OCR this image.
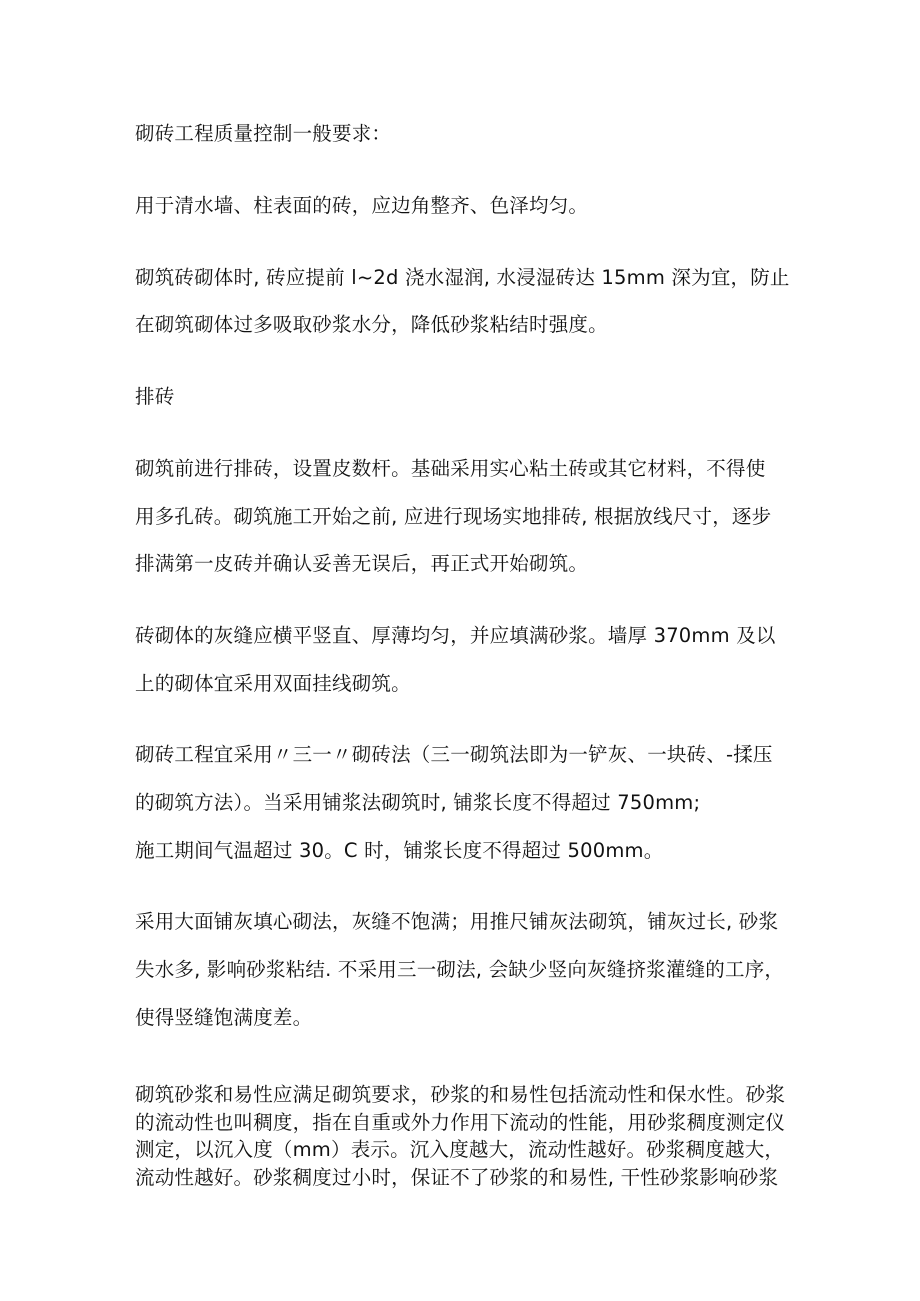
砌砖工程质量控制一般要求：
用于清水墙、柱表面的砖，应边角整齐、色泽均匀。
砌筑砖砌体时, 砖应提前 l~2d 浇水湿润, 水浸湿砖达 15mm 深为宜，防止
在砌筑砌体过多吸取砂浆水分，降低砂浆粘结时强度。
排砖
砌筑前进行排砖，设置皮数杆。基础采用实心粘土砖或其它材料，不得使
用多孔砖。砌筑施工开始之前, 应进行现场实地排砖, 根据放线尺寸，逐步
排满第一皮砖并确认妥善无误后，再正式开始砌筑。
砖砌体的灰缝应横平竖直、厚薄均匀，并应填满砂浆。墙厚 370mm 及以
上的砌体宜采用双面挂线砌筑。
砌砖工程宜采用〃三一〃砌砖法（三一砌筑法即为一铲灰、一块砖、-揉压
的砌筑方法）。当采用铺浆法砌筑时, 铺浆长度不得超过 750mm;
施工期间气温超过 30。C 时，铺浆长度不得超过 500mm。
采用大面铺灰填心砌法，灰缝不饱满；用推尺铺灰法砌筑，铺灰过长, 砂浆
失水多, 影响砂浆粘结. 不采用三一砌法, 会缺少竖向灰缝挤浆灌缝的工序，
使得竖缝饱满度差。
砌筑砂浆和易性应满足砌筑要求，砂浆的和易性包括流动性和保水性。砂浆
的流动性也叫稠度，指在自重或外力作用下流动的性能，用砂浆稠度测定仪
测定，以沉入度（mm）表示。沉入度越大，流动性越好。砂浆稠度越大，
流动性越好。砂浆稠度过小时，保证不了砂浆的和易性, 干性砂浆影响砂浆
